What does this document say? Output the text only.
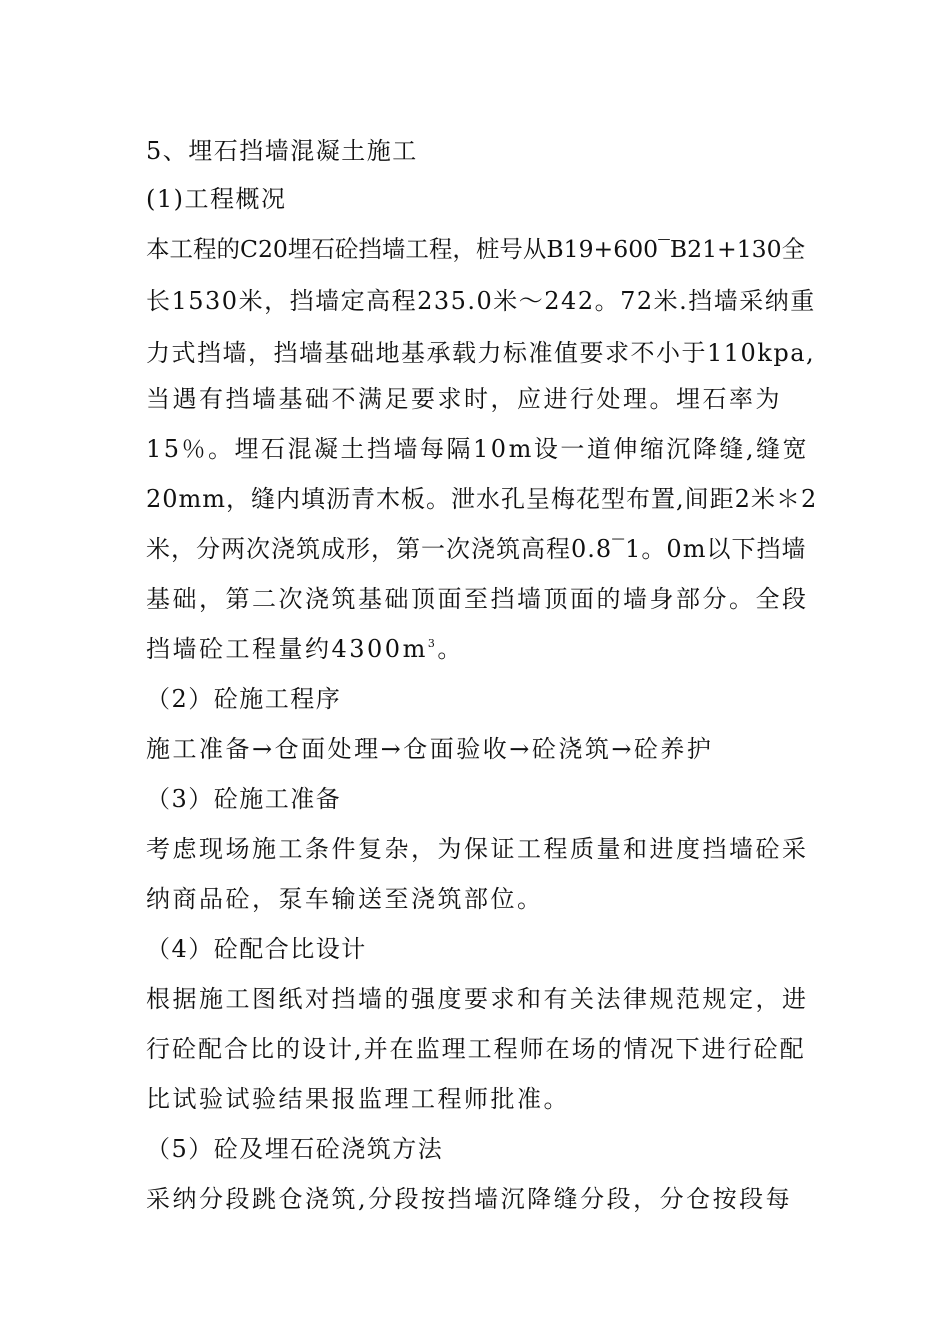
5、埋石挡墙混凝土施工
(1)工程概况
本工程的C20埋石砼挡墙工程，桩号从B19+600‾B21+130全
长1530米，挡墙定高程235.0米～242。72米.挡墙采纳重
力式挡墙，挡墙基础地基承载力标准值要求不小于110kpa,
当遇有挡墙基础不满足要求时，应进行处理。埋石率为
15％。埋石混凝土挡墙每隔10m设一道伸缩沉降缝,缝宽
20mm，缝内填沥青木板。泄水孔呈梅花型布置,间距2米＊2
米，分两次浇筑成形，第一次浇筑高程0.8‾1。0m以下挡墙
基础，第二次浇筑基础顶面至挡墙顶面的墙身部分。全段
挡墙砼工程量约$4300m^3$。
（2）砼施工程序
施工准备→仓面处理→仓面验收→砼浇筑→砼养护
（3）砼施工准备
考虑现场施工条件复杂，为保证工程质量和进度挡墙砼采
纳商品砼，泵车输送至浇筑部位。
（4）砼配合比设计
根据施工图纸对挡墙的强度要求和有关法律规范规定，进
行砼配合比的设计,并在监理工程师在场的情况下进行砼配
比试验试验结果报监理工程师批准。
（5）砼及埋石砼浇筑方法
采纳分段跳仓浇筑,分段按挡墙沉降缝分段，分仓按段每
